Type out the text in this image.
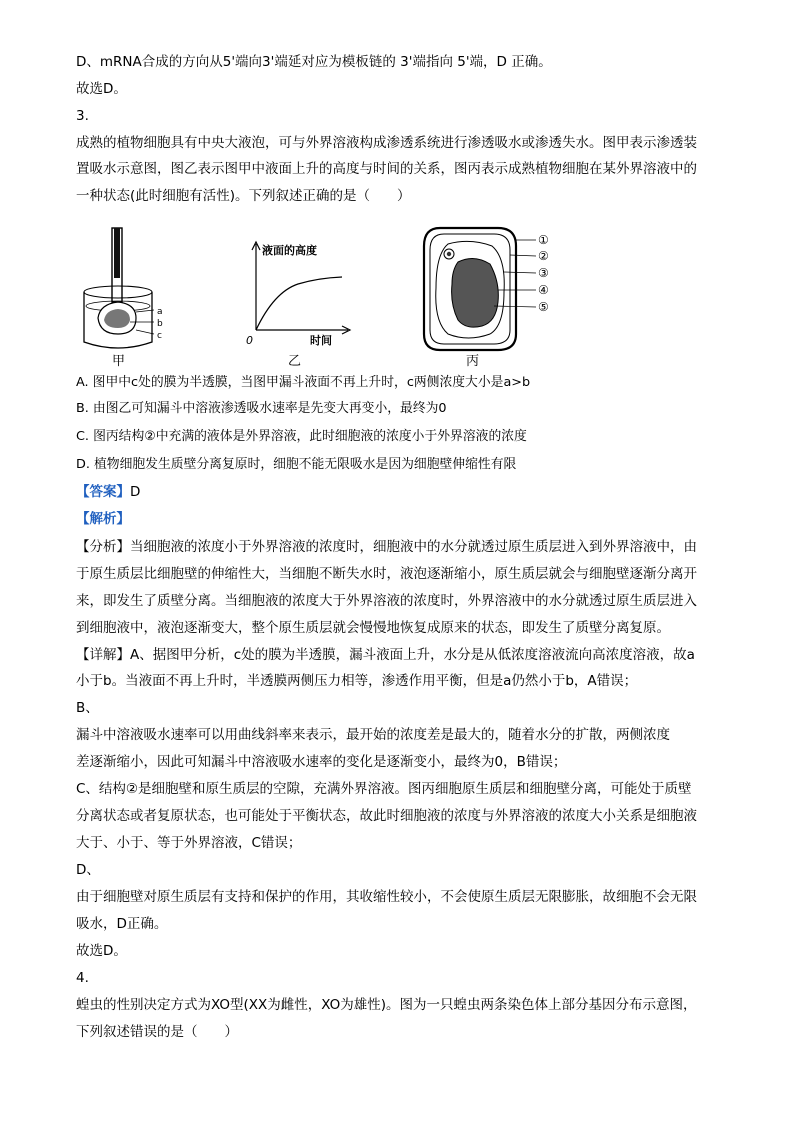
D、mRNA合成的方向从5'端向3'端延对应为模板链的 3'端指向 5'端，D 正确。
故选D。
3.
成熟的植物细胞具有中央大液泡，可与外界溶液构成渗透系统进行渗透吸水或渗透失水。图甲表示渗透装
置吸水示意图，图乙表示图甲中液面上升的高度与时间的关系，图丙表示成熟植物细胞在某外界溶液中的
一种状态(此时细胞有活性)。下列叙述正确的是（　　）
a
b
c
甲
液面的高度
时间
0
乙
①
②
③
④
⑤
丙
A. 图甲中c处的膜为半透膜，当图甲漏斗液面不再上升时，c两侧浓度大小是a>b
B. 由图乙可知漏斗中溶液渗透吸水速率是先变大再变小，最终为0
C. 图丙结构②中充满的液体是外界溶液，此时细胞液的浓度小于外界溶液的浓度
D. 植物细胞发生质壁分离复原时，细胞不能无限吸水是因为细胞壁伸缩性有限
【答案】D
【解析】
【分析】当细胞液的浓度小于外界溶液的浓度时，细胞液中的水分就透过原生质层进入到外界溶液中，由
于原生质层比细胞壁的伸缩性大，当细胞不断失水时，液泡逐渐缩小，原生质层就会与细胞壁逐渐分离开
来，即发生了质壁分离。当细胞液的浓度大于外界溶液的浓度时，外界溶液中的水分就透过原生质层进入
到细胞液中，液泡逐渐变大，整个原生质层就会慢慢地恢复成原来的状态，即发生了质壁分离复原。
【详解】A、据图甲分析，c处的膜为半透膜，漏斗液面上升，水分是从低浓度溶液流向高浓度溶液，故a
小于b。当液面不再上升时，半透膜两侧压力相等，渗透作用平衡，但是a仍然小于b，A错误；
B、
漏斗中溶液吸水速率可以用曲线斜率来表示，最开始的浓度差是最大的，随着水分的扩散，两侧浓度
差逐渐缩小，因此可知漏斗中溶液吸水速率的变化是逐渐变小，最终为0，B错误；
C、结构②是细胞壁和原生质层的空隙，充满外界溶液。图丙细胞原生质层和细胞壁分离，可能处于质壁
分离状态或者复原状态，也可能处于平衡状态，故此时细胞液的浓度与外界溶液的浓度大小关系是细胞液
大于、小于、等于外界溶液，C错误；
D、
由于细胞壁对原生质层有支持和保护的作用，其收缩性较小，不会使原生质层无限膨胀，故细胞不会无限
吸水，D正确。
故选D。
4.
蝗虫的性别决定方式为XO型(XX为雌性，XO为雄性)。图为一只蝗虫两条染色体上部分基因分布示意图，
下列叙述错误的是（　　）
